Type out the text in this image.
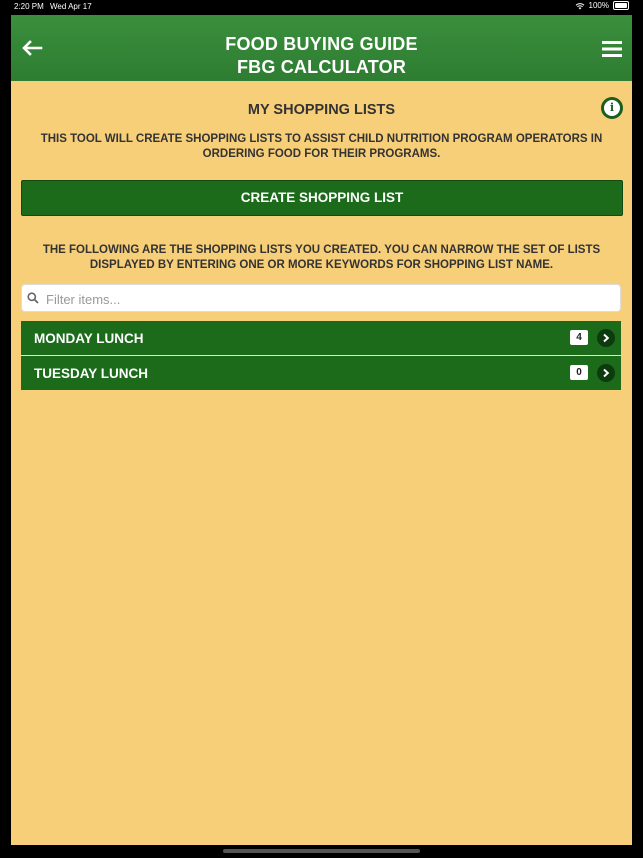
2:20 PM Wed Apr 17	100%
FOOD BUYING GUIDE
FBG CALCULATOR
MY SHOPPING LISTS	i
THIS TOOL WILL CREATE SHOPPING LISTS TO ASSIST CHILD NUTRITION PROGRAM OPERATORS IN ORDERING FOOD FOR THEIR PROGRAMS.
CREATE SHOPPING LIST
THE FOLLOWING ARE THE SHOPPING LISTS YOU CREATED. YOU CAN NARROW THE SET OF LISTS DISPLAYED BY ENTERING ONE OR MORE KEYWORDS FOR SHOPPING LIST NAME.
Filter items...
MONDAY LUNCH	4
TUESDAY LUNCH	0
